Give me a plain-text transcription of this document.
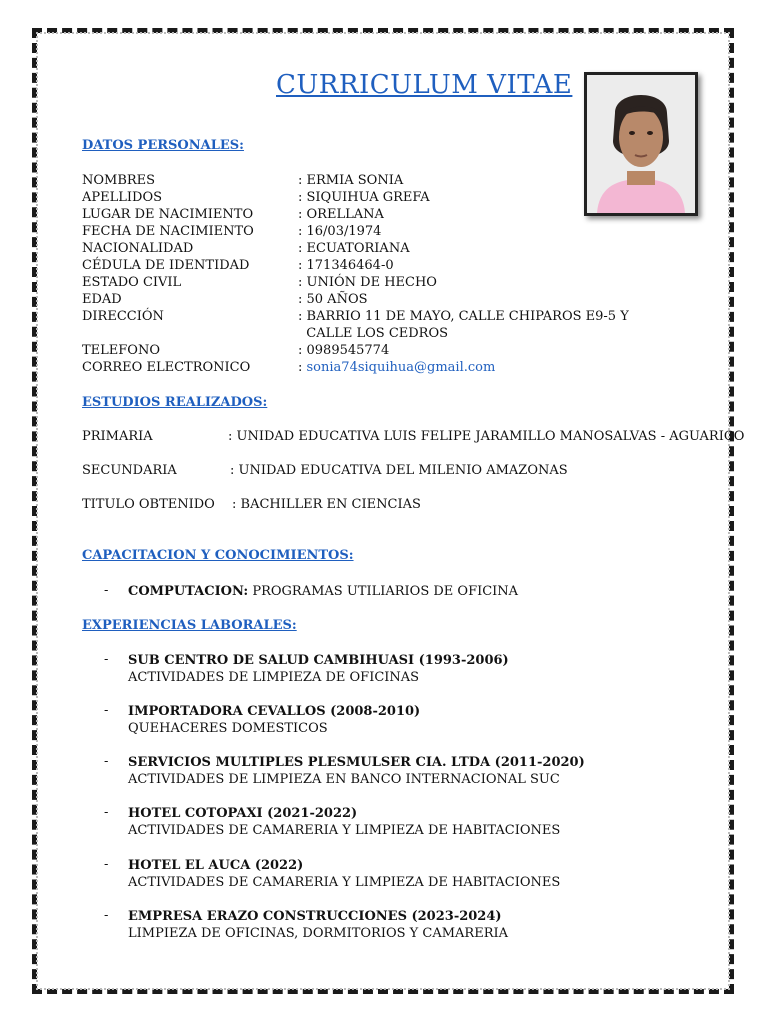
CURRICULUM VITAE
DATOS PERSONALES:
NOMBRES	: ERMIA SONIA
APELLIDOS	: SIQUIHUA GREFA
LUGAR DE NACIMIENTO	: ORELLANA
FECHA DE NACIMIENTO	: 16/03/1974
NACIONALIDAD	: ECUATORIANA
CÉDULA DE IDENTIDAD	: 171346464-0
ESTADO CIVIL	: UNIÓN DE HECHO
EDAD	: 50 AÑOS
DIRECCIÓN	: BARRIO 11 DE MAYO, CALLE CHIPAROS E9-5 Y
CALLE LOS CEDROS
TELEFONO	: 0989545774
CORREO ELECTRONICO	: sonia74siquihua@gmail.com
ESTUDIOS REALIZADOS:
PRIMARIA	: UNIDAD EDUCATIVA LUIS FELIPE JARAMILLO MANOSALVAS - AGUARICO
SECUNDARIA	: UNIDAD EDUCATIVA DEL MILENIO AMAZONAS
TITULO OBTENIDO : BACHILLER EN CIENCIAS
CAPACITACION Y CONOCIMIENTOS:
- COMPUTACION: PROGRAMAS UTILIARIOS DE OFICINA
EXPERIENCIAS LABORALES:
- SUB CENTRO DE SALUD CAMBIHUASI (1993-2006)
ACTIVIDADES DE LIMPIEZA DE OFICINAS
- IMPORTADORA CEVALLOS (2008-2010)
QUEHACERES DOMESTICOS
- SERVICIOS MULTIPLES PLESMULSER CIA. LTDA (2011-2020)
ACTIVIDADES DE LIMPIEZA EN BANCO INTERNACIONAL SUC
- HOTEL COTOPAXI (2021-2022)
ACTIVIDADES DE CAMARERIA Y LIMPIEZA DE HABITACIONES
- HOTEL EL AUCA (2022)
ACTIVIDADES DE CAMARERIA Y LIMPIEZA DE HABITACIONES
- EMPRESA ERAZO CONSTRUCCIONES (2023-2024)
LIMPIEZA DE OFICINAS, DORMITORIOS Y CAMARERIA
